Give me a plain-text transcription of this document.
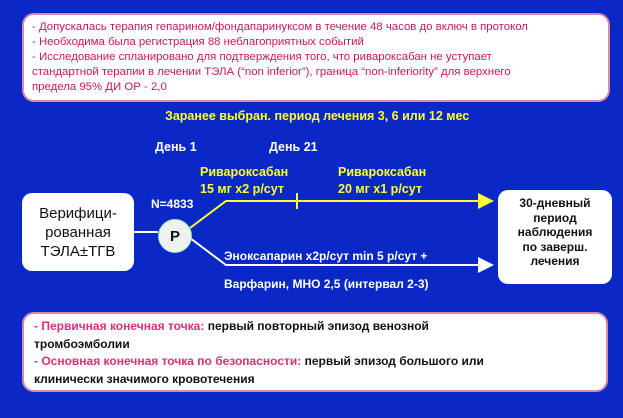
- Допускалась терапия гепарином/фондапаринуксом в течение 48 часов до включ в протокол
- Необходима была регистрация 88 неблагоприятных событий
- Исследование спланировано для подтверждения того, что ривароксабан не уступает
стандартной терапии в лечении ТЭЛА (“non inferior”), граница “non-inferiority” для верхнего
предела 95% ДИ ОР - 2,0
Заранее выбран. период лечения 3, 6 или 12 мес
День 1	День 21
Ривароксабан
15 мг х2 р/сут
Ривароксабан
20 мг х1 р/сут
N=4833
Верифици-
рованная
ТЭЛА±ТГВ
Р
Эноксапарин х2р/сут min 5 р/сут +
Варфарин, МНО 2,5 (интервал 2-3)
30-дневный
период
наблюдения
по заверш.
лечения
- Первичная конечная точка: первый повторный эпизод венозной
тромбоэмболии
- Основная конечная точка по безопасности: первый эпизод большого или
клинически значимого кровотечения
